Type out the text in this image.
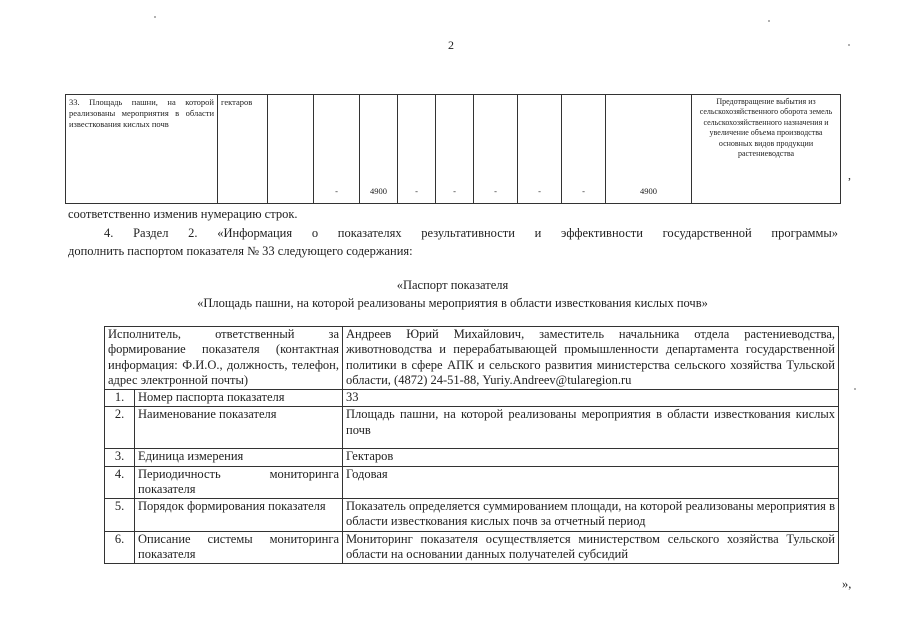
2
33. Площадь пашни, на которой реализованы мероприятия в области известкования кислых почв	гектаров		-	4900	-	-	-	-	-	4900	Предотвращение выбытия из сельскохозяйственного оборота земель сельскохозяйственного назначения и увеличение объема производства основных видов продукции растениеводства
,
соответственно изменив нумерацию строк.
4. Раздел 2. «Информация о показателях результативности и эффективности государственной программы»
дополнить паспортом показателя № 33 следующего содержания:
«Паспорт показателя
«Площадь пашни, на которой реализованы мероприятия в области известкования кислых почв»
Исполнитель, ответственный за формирование показателя (контактная информация: Ф.И.О., должность, телефон, адрес электронной почты)		Андреев Юрий Михайлович, заместитель начальника отдела растениеводства, животноводства и перерабатывающей промышленности департамента государственной политики в сфере АПК и сельского развития министерства сельского хозяйства Тульской области, (4872) 24-51-88, Yuriy.Andreev@tularegion.ru
1.	Номер паспорта показателя	33
2.	Наименование показателя	Площадь пашни, на которой реализованы мероприятия в области известкования кислых почв
3.	Единица измерения	Гектаров
4.	Периодичность мониторинга показателя	Годовая
5.	Порядок формирования показателя	Показатель определяется суммированием площади, на которой реализованы мероприятия в области известкования кислых почв за отчетный период
6.	Описание системы мониторинга показателя	Мониторинг показателя осуществляется министерством сельского хозяйства Тульской области на основании данных получателей субсидий
»,
